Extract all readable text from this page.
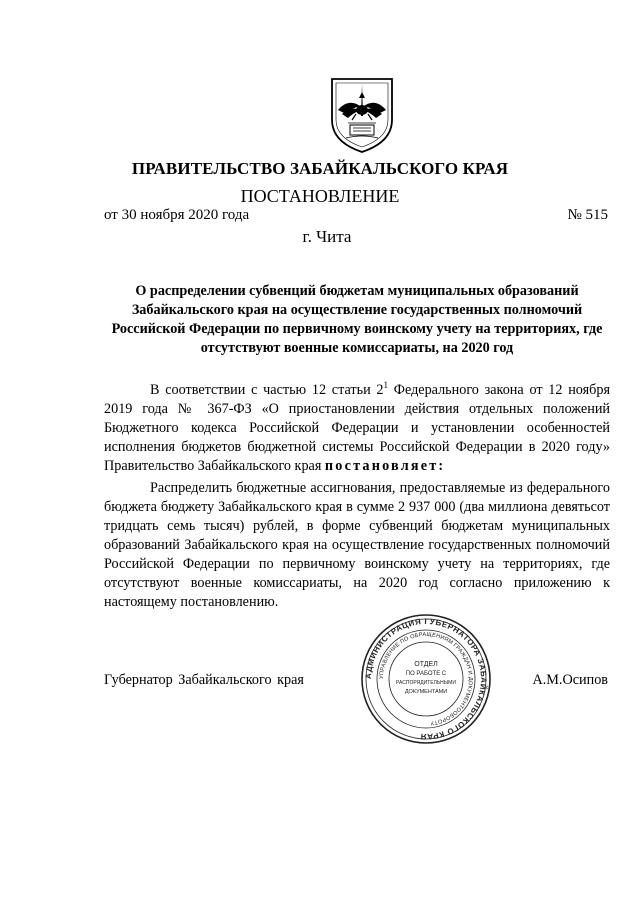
ПРАВИТЕЛЬСТВО ЗАБАЙКАЛЬСКОГО КРАЯ
ПОСТАНОВЛЕНИЕ
от 30 ноября 2020 года	№ 515
г. Чита
О распределении субвенций бюджетам муниципальных образований Забайкальского края на осуществление государственных полномочий Российской Федерации по первичному воинскому учету на территориях, где отсутствуют военные комиссариаты, на 2020 год
В соответствии с частью 12 статьи $2^1$ Федерального закона от 12 ноября 2019 года № 367-ФЗ «О приостановлении действия отдельных положений Бюджетного кодекса Российской Федерации и установлении особенностей исполнения бюджетов бюджетной системы Российской Федерации в 2020 году» Правительство Забайкальского края постановляет:
Распределить бюджетные ассигнования, предоставляемые из федерального бюджета бюджету Забайкальского края в сумме 2 937 000 (два миллиона девятьсот тридцать семь тысяч) рублей, в форме субвенций бюджетам муниципальных образований Забайкальского края на осуществление государственных полномочий Российской Федерации по первичному воинскому учету на территориях, где отсутствуют военные комиссариаты, на 2020 год согласно приложению к настоящему постановлению.
Губернатор Забайкальского края	А.М.Осипов
АДМИНИСТРАЦИЯ ГУБЕРНАТОРА ЗАБАЙКАЛЬСКОГО КРАЯ
УПРАВЛЕНИЕ ПО ОБРАЩЕНИЯМ ГРАЖДАН И ДОКУМЕНТООБОРОТУ
ОТДЕЛ
ПО РАБОТЕ С
РАСПОРЯДИТЕЛЬНЫМИ
ДОКУМЕНТАМИ
